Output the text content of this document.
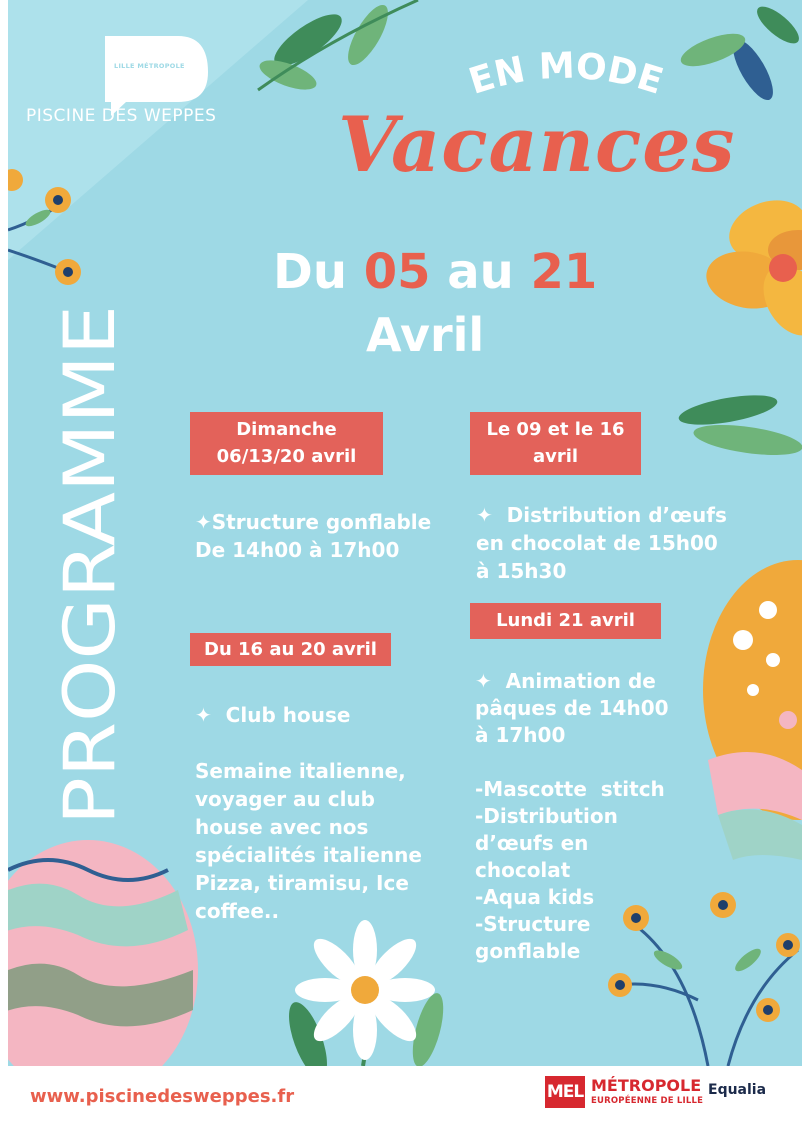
LILLE MÉTROPOLE	EN MODE
Vacances
Du 05 au 21
Avril
PROGRAMME	Dimanche
06/13/20 avril
✦Structure gonflable
De 14h00 à 17h00
Le 09 et le 16
avril
✦  Distribution d’œufs
en chocolat de 15h00
à 15h30
Du 16 au 20 avril
✦  Club house

Semaine italienne,
voyager au club
house avec nos
spécialités italienne
Pizza, tiramisu, Ice
coffee..
Lundi 21 avril
✦  Animation de
pâques de 14h00
à 17h00

-Mascotte  stitch
-Distribution
d’œufs en
chocolat
-Aqua kids
-Structure
gonflable
PISCINE DES WEPPES
www.piscinedesweppes.fr	MEL MÉTROPOLE
EUROPÉENNE DE LILLE
Equalia
